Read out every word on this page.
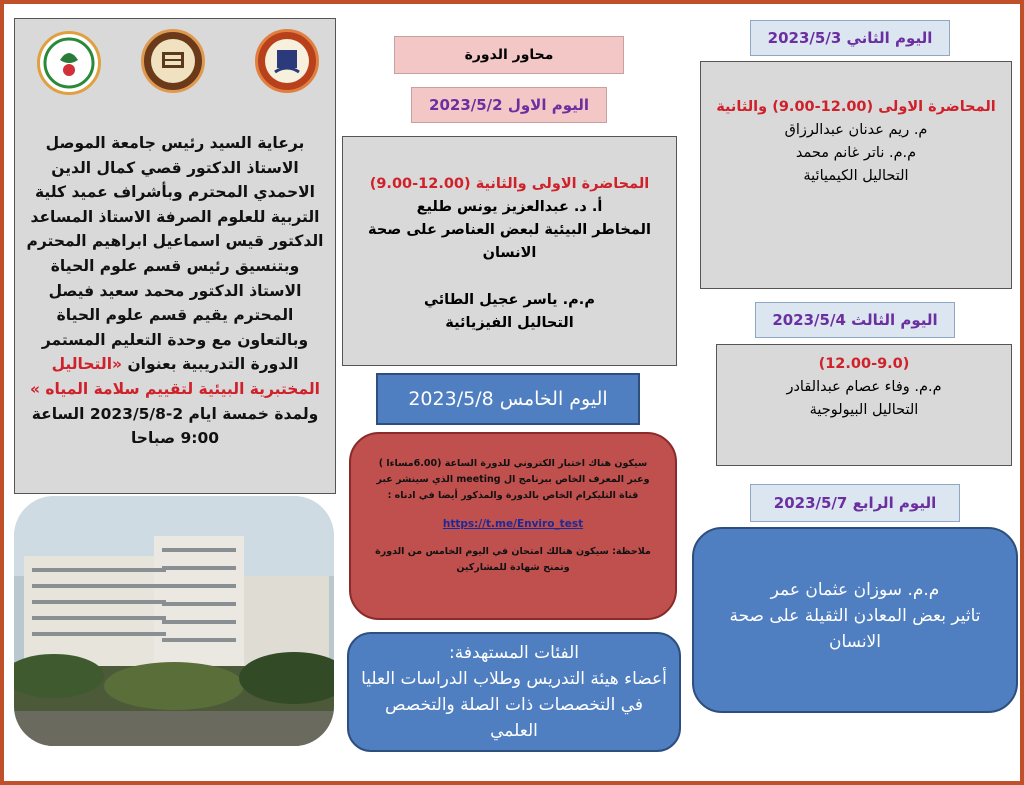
برعاية السيد رئيس جامعة الموصل الاستاذ الدكتور قصي كمال الدين الاحمدي المحترم وبأشراف عميد كلية التربية للعلوم الصرفة الاستاذ المساعد الدكتور قيس اسماعيل ابراهيم المحترم وبتنسيق رئيس قسم علوم الحياة الاستاذ الدكتور محمد سعيد فيصل المحترم يقيم قسم علوم الحياة وبالتعاون مع وحدة التعليم المستمر الدورة التدريبية بعنوان «التحاليل المختبرية البيئية لتقييم سلامة المياه » ولمدة خمسة ايام 2-2023/5/8 الساعة 9:00 صباحا
محاور الدورة
اليوم الاول 2023/5/2
المحاضرة الاولى والثانية (12.00-9.00)
أ. د. عبدالعزيز يونس طليع
المخاطر البيئية لبعض العناصر على صحة الانسان
م.م. ياسر عجيل الطائي
التحاليل الفيزيائية
اليوم الخامس 2023/5/8
سيكون هناك اختبار الكتروني للدورة الساعة (6.00مساءا ) وعبر المعرف الخاص ببرنامج ال meeting الذي سينشر عبر قناة التليكرام الخاص بالدورة والمذكور أيضا في ادناه :
https://t.me/Enviro_test
ملاحظة: سيكون هنالك امتحان في اليوم الخامس من الدورة وتمنح شهادة للمشاركين
الفئات المستهدفة:
أعضاء هيئة التدريس وطلاب الدراسات العليا في التخصصات ذات الصلة والتخصص العلمي
اليوم الثاني 2023/5/3
المحاضرة الاولى (12.00-9.00) والثانية
م. ريم عدنان عبدالرزاق
م.م. ناتر غانم محمد
التحاليل الكيميائية
اليوم الثالث 2023/5/4
(12.00-9.0)
م.م. وفاء عصام عبدالقادر
التحاليل البيولوجية
اليوم الرابع 2023/5/7
م.م. سوزان عثمان عمر
تاثير بعض المعادن الثقيلة على صحة الانسان
